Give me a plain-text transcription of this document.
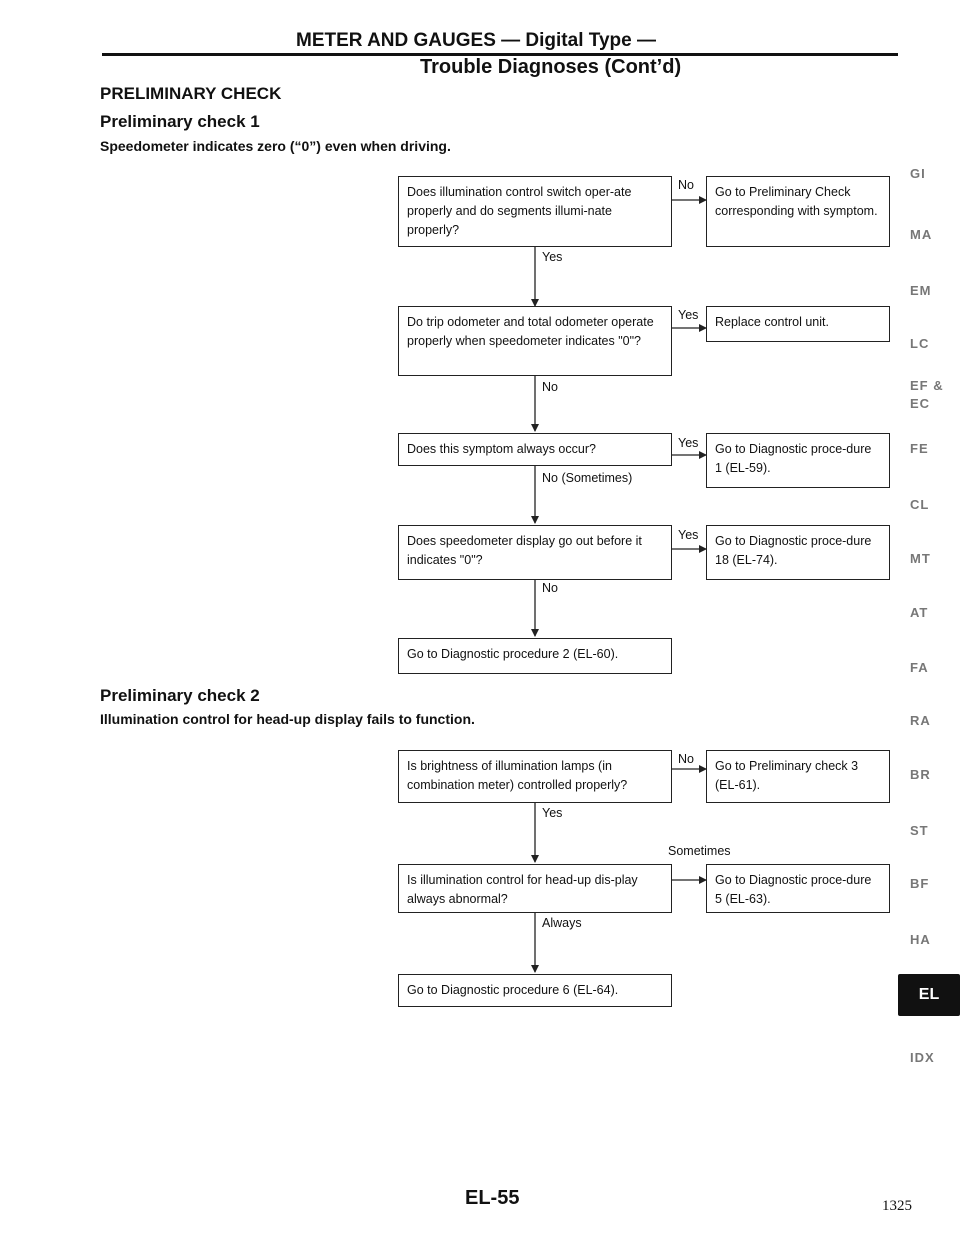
METER AND GAUGES — Digital Type —
Trouble Diagnoses (Cont’d)
PRELIMINARY CHECK
Preliminary check 1
Speedometer indicates zero (“0”) even when driving.
Does illumination control switch oper-ate properly and do segments illumi-nate properly?
No	Go to Preliminary Check corresponding with symptom.
Yes
Do trip odometer and total odometer operate properly when speedometer indicates "0"?
Yes	Replace control unit.
No
Does this symptom always occur?	Yes	Go to Diagnostic proce-dure 1 (EL-59).
No (Sometimes)
Does speedometer display go out before it indicates "0"?
Yes	Go to Diagnostic proce-dure 18 (EL-74).
No
Go to Diagnostic procedure 2 (EL-60).
Preliminary check 2
Illumination control for head-up display fails to function.
Is brightness of illumination lamps (in combination meter) controlled properly?
No	Go to Preliminary check 3 (EL-61).
Yes
Sometimes
Is illumination control for head-up dis-play always abnormal?
Go to Diagnostic proce-dure 5 (EL-63).
Always
Go to Diagnostic procedure 6 (EL-64).
GI
MA
EM
LC
EF &
EC
FE
CL
MT
AT
FA
RA
BR
ST
BF
HA
EL
IDX
EL-55	1325
